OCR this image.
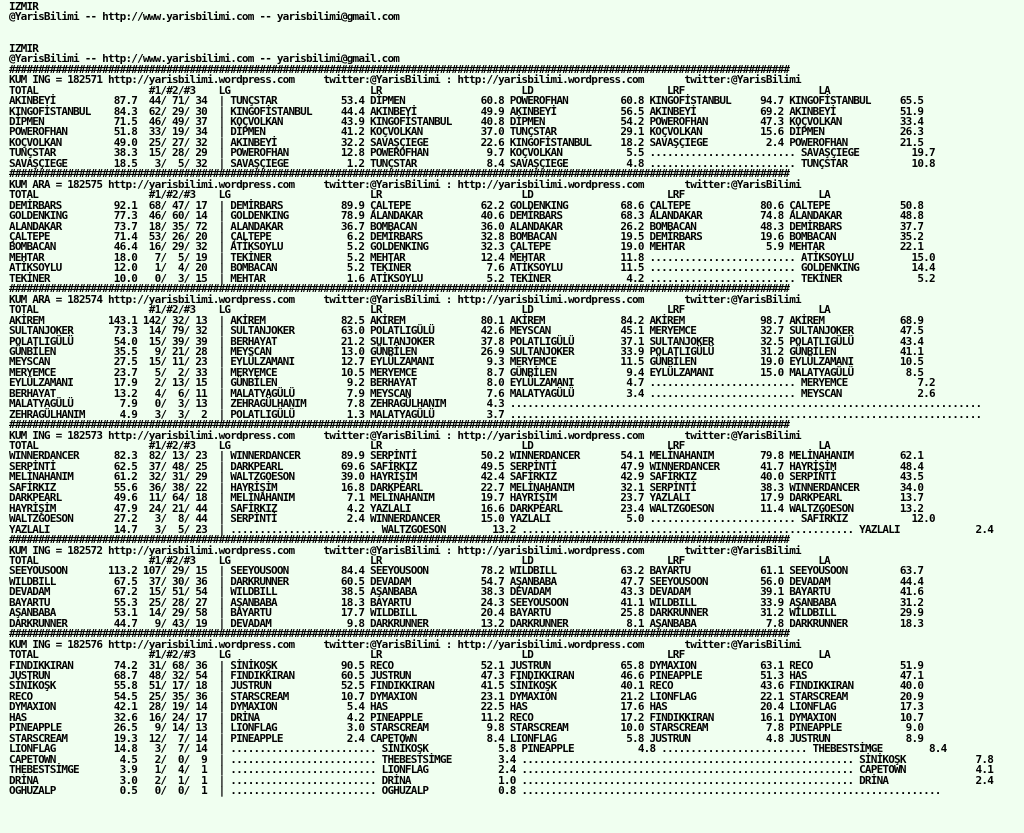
IZMIR
@YarisBilimi -- http://www.yarisbilimi.com -- yarisbilimi@gmail.com

IZMIR
@YarisBilimi -- http://www.yarisbilimi.com -- yarisbilimi@gmail.com
######################################################################################################################################
KUM ING = 182571 http://yarisbilimi.wordpress.com     twitter:@YarisBilimi : http://yarisbilimi.wordpress.com       twitter:@YarisBilimi
TOTAL                   #1/#2/#3    LG                        LR                        LD                       LRF                       LA
AKINBEYİ          87.7  44/ 71/ 34  | TUNÇSTAR           53.4 DİPMEN             60.8 POWEROFHAN         60.8 KINGOFİSTANBUL     94.7 KINGOFİSTANBUL     65.5
KINGOFİSTANBUL    84.3  62/ 29/ 30  | KINGOFİSTANBUL     44.4 AKINBEYİ           49.9 AKINBEYİ           56.5 AKINBEYİ           69.2 AKINBEYİ           51.9
DİPMEN            71.5  46/ 49/ 37  | KOÇVOLKAN          43.9 KINGOFİSTANBUL     40.8 DİPMEN             54.2 POWEROFHAN         47.3 KOÇVOLKAN          33.4
POWEROFHAN        51.8  33/ 19/ 34  | DİPMEN             41.2 KOÇVOLKAN          37.0 TUNÇSTAR           29.1 KOÇVOLKAN          15.6 DİPMEN             26.3
KOÇVOLKAN         49.0  25/ 27/ 32  | AKINBEYİ           32.2 SAVAŞÇIEGE         22.6 KINGOFİSTANBUL     18.2 SAVAŞÇIEGE          2.4 POWEROFHAN         21.5
TUNÇSTAR          38.3  15/ 28/ 29  | POWEROFHAN         12.8 POWEROFHAN          9.7 KOÇVOLKAN           5.5 ......................... SAVAŞÇIEGE         19.7
SAVAŞÇIEGE        18.5   3/  5/ 32  | SAVAŞÇIEGE          1.2 TUNÇSTAR            8.4 SAVAŞÇIEGE          4.8 ......................... TUNÇSTAR           10.8
######################################################################################################################################
KUM ARA = 182575 http://yarisbilimi.wordpress.com     twitter:@YarisBilimi : http://yarisbilimi.wordpress.com       twitter:@YarisBilimi
TOTAL                   #1/#2/#3    LG                        LR                        LD                       LRF                       LA
DEMİRBARS         92.1  68/ 47/ 17  | DEMİRBARS          89.9 ÇALTEPE            62.2 GOLDENKING         68.6 ÇALTEPE            80.6 ÇALTEPE            50.8
GOLDENKING        77.3  46/ 60/ 14  | GOLDENKING         78.9 ALANDAKAR          40.6 DEMİRBARS          68.3 ALANDAKAR          74.8 ALANDAKAR          48.8
ALANDAKAR         73.7  18/ 35/ 72  | ALANDAKAR          36.7 BOMBACAN           36.0 ALANDAKAR          26.2 BOMBACAN           48.3 DEMİRBARS          37.7
ÇALTEPE           71.4  53/ 26/ 20  | ÇALTEPE             6.2 DEMİRBARS          32.8 BOMBACAN           19.5 DEMİRBARS          19.6 BOMBACAN           35.2
BOMBACAN          46.4  16/ 29/ 32  | ATİKSOYLU           5.2 GOLDENKING         32.3 ÇALTEPE            19.0 MEHTAR              5.9 MEHTAR             22.1
MEHTAR            18.0   7/  5/ 19  | TEKİNER             5.2 MEHTAR             12.4 MEHTAR             11.8 ......................... ATİKSOYLU          15.0
ATİKSOYLU         12.0   1/  4/ 20  | BOMBACAN            5.2 TEKİNER             7.6 ATİKSOYLU          11.5 ......................... GOLDENKING         14.4
TEKİNER           10.0   0/  3/ 15  | MEHTAR              1.6 ATİKSOYLU           5.2 TEKİNER             4.2 ......................... TEKİNER             5.2
######################################################################################################################################
KUM ARA = 182574 http://yarisbilimi.wordpress.com     twitter:@YarisBilimi : http://yarisbilimi.wordpress.com       twitter:@YarisBilimi
TOTAL                   #1/#2/#3    LG                        LR                        LD                       LRF                       LA
AKİREM           143.1 142/ 32/ 13  | AKİREM             82.5 AKİREM             80.1 AKİREM             84.2 AKİREM             98.7 AKİREM             68.9
SULTANJOKER       73.3  14/ 79/ 32  | SULTANJOKER        63.0 POLATLIGÜLÜ        42.6 MEYSCAN            45.1 MERYEMCE           32.7 SULTANJOKER        47.5
POLATLIGÜLÜ       54.0  15/ 39/ 39  | BERHAYAT           21.2 SULTANJOKER        37.8 POLATLIGÜLÜ        37.1 SULTANJOKER        32.5 POLATLIGÜLÜ        43.4
GÜNBİLEN          35.5   9/ 21/ 28  | MEYSCAN            13.0 GÜNBİLEN           26.9 SULTANJOKER        33.9 POLATLIGÜLÜ        31.2 GÜNBİLEN           41.1
MEYSCAN           27.5  15/ 11/ 23  | EYLÜLZAMANI        12.7 EYLÜLZAMANI         9.3 MERYEMCE           11.5 GÜNBİLEN           19.0 EYLÜLZAMANI        10.5
MERYEMCE          23.7   5/  2/ 33  | MERYEMCE           10.5 MERYEMCE            8.7 GÜNBİLEN            9.4 EYLÜLZAMANI        15.0 MALATYAGÜLÜ         8.5
EYLÜLZAMANI       17.9   2/ 13/ 15  | GÜNBİLEN            9.2 BERHAYAT            8.0 EYLÜLZAMANI         4.7 ......................... MERYEMCE            7.2
BERHAYAT          13.2   4/  6/ 11  | MALATYAGÜLÜ         7.9 MEYSCAN             7.6 MALATYAGÜLÜ         3.4 ......................... MEYSCAN             2.6
MALATYAGÜLÜ        7.9   0/  3/ 13  | ZEHRAGÜLHANIM       7.8 ZEHRAGÜLHANIM       4.3 .................................................................................
ZEHRAGÜLHANIM      4.9   3/  3/  2  | POLATLIGÜLÜ         1.3 MALATYAGÜLÜ         3.7 .................................................................................
######################################################################################################################################
KUM ING = 182573 http://yarisbilimi.wordpress.com     twitter:@YarisBilimi : http://yarisbilimi.wordpress.com       twitter:@YarisBilimi
TOTAL                   #1/#2/#3    LG                        LR                        LD                       LRF                       LA
WINNERDANCER      82.3  82/ 13/ 23  | WINNERDANCER       89.9 SERPİNTİ           50.2 WINNERDANCER       54.1 MELİNAHANIM        79.8 MELİNAHANIM        62.1
SERPİNTİ          62.5  37/ 48/ 25  | DARKPEARL          69.6 SAFİRKIZ           49.5 SERPİNTİ           47.9 WINNERDANCER       41.7 HAYRİŞİM           48.4
MELİNAHANIM       61.2  32/ 31/ 29  | WALTZGOESON        39.0 HAYRİŞİM           42.4 SAFİRKIZ           42.9 SAFİRKIZ           40.0 SERPİNTİ           43.5
SAFİRKIZ          55.6  36/ 38/ 22  | HAYRİŞİM           16.8 DARKPEARL          22.7 MELİNAHANIM        32.1 SERPİNTİ           38.3 WINNERDANCER       34.0
DARKPEARL         49.6  11/ 64/ 18  | MELİNAHANIM         7.1 MELİNAHANIM        19.7 HAYRİŞİM           23.7 YAZLALI            17.9 DARKPEARL          13.7
HAYRİŞİM          47.9  24/ 21/ 44  | SAFİRKIZ            4.2 YAZLALI            16.6 DARKPEARL          23.4 WALTZGOESON        11.4 WALTZGOESON        13.2
WALTZGOESON       27.2   3/  8/ 44  | SERPİNTİ            2.4 WINNERDANCER       15.0 YAZLALI             5.0 ......................... SAFİRKIZ           12.0
YAZLALI           14.7   3/  5/ 23  | ......................... WALTZGOESON        13.2 ......................................................... YAZLALI             2.4
######################################################################################################################################
KUM ING = 182572 http://yarisbilimi.wordpress.com     twitter:@YarisBilimi : http://yarisbilimi.wordpress.com       twitter:@YarisBilimi
TOTAL                   #1/#2/#3    LG                        LR                        LD                       LRF                       LA
SEEYOUSOON       113.2 107/ 29/ 15  | SEEYOUSOON         84.4 SEEYOUSOON         78.2 WILDBILL           63.2 BAYARTU            61.1 SEEYOUSOON         63.7
WILDBILL          67.5  37/ 30/ 36  | DARKRUNNER         60.5 DEVADAM            54.7 AŞANBABA           47.7 SEEYOUSOON         56.0 DEVADAM            44.4
DEVADAM           67.2  15/ 51/ 54  | WILDBILL           38.5 AŞANBABA           38.3 DEVADAM            43.3 DEVADAM            39.1 BAYARTU            41.6
BAYARTU           55.3  25/ 28/ 27  | AŞANBABA           18.3 BAYARTU            24.3 SEEYOUSOON         41.1 WILDBILL           33.9 AŞANBABA           31.2
AŞANBABA          53.1  14/ 29/ 58  | BAYARTU            17.7 WILDBILL           20.4 BAYARTU            25.8 DARKRUNNER         31.2 WILDBILL           29.9
DARKRUNNER        44.7   9/ 43/ 19  | DEVADAM             9.8 DARKRUNNER         13.2 DARKRUNNER          8.1 AŞANBABA            7.8 DARKRUNNER         18.3
######################################################################################################################################
KUM ING = 182576 http://yarisbilimi.wordpress.com     twitter:@YarisBilimi : http://yarisbilimi.wordpress.com       twitter:@YarisBilimi
TOTAL                   #1/#2/#3    LG                        LR                        LD                       LRF                       LA
FINDIKKIRAN       74.2  31/ 68/ 36  | SİNİKOŞK           90.5 RECO               52.1 JUSTRUN            65.8 DYMAXION           63.1 RECO               51.9
JUSTRUN           68.7  48/ 32/ 54  | FINDIKKIRAN        60.5 JUSTRUN            47.3 FINDIKKIRAN        46.6 PINEAPPLE          51.3 HAS                47.1
SİNİKOŞK          55.8  51/ 17/ 18  | JUSTRUN            52.5 FINDIKKIRAN        41.5 SİNİKOŞK           40.1 RECO               43.6 FINDIKKIRAN        40.0
RECO              54.5  25/ 35/ 36  | STARSCREAM         10.7 DYMAXION           23.1 DYMAXION           21.2 LIONFLAG           22.1 STARSCREAM         20.9
DYMAXION          42.1  28/ 19/ 14  | DYMAXION            5.4 HAS                22.5 HAS                17.6 HAS                20.4 LIONFLAG           17.3
HAS               32.6  16/ 24/ 17  | DRİNA               4.2 PINEAPPLE          11.2 RECO               17.2 FINDIKKIRAN        16.1 DYMAXION           10.7
PINEAPPLE         26.5   9/ 14/ 13  | LIONFLAG            3.0 STARSCREAM          9.8 STARSCREAM         10.0 STARSCREAM          7.8 PINEAPPLE           9.0
STARSCREAM        19.3  12/  7/ 14  | PINEAPPLE           2.4 CAPETOWN            8.4 LIONFLAG            5.8 JUSTRUN             4.8 JUSTRUN             8.9
LIONFLAG          14.8   3/  7/ 14  | ......................... SİNİKOŞK            5.8 PINEAPPLE           4.8 ......................... THEBESTSİMGE        8.4
CAPETOWN           4.5   2/  0/  9  | ......................... THEBESTSİMGE        3.4 ......................................................... SİNİKOŞK            7.8
THEBESTSİMGE       3.9   1/  4/  1  | ......................... LIONFLAG            2.4 ......................................................... CAPETOWN            4.1
DRİNA              3.0   2/  1/  1  | ......................... DRİNA               1.0 ......................................................... DRİNA               2.4
OGHUZALP           0.5   0/  0/  1  | ......................... OGHUZALP            0.8 ........................................................................
